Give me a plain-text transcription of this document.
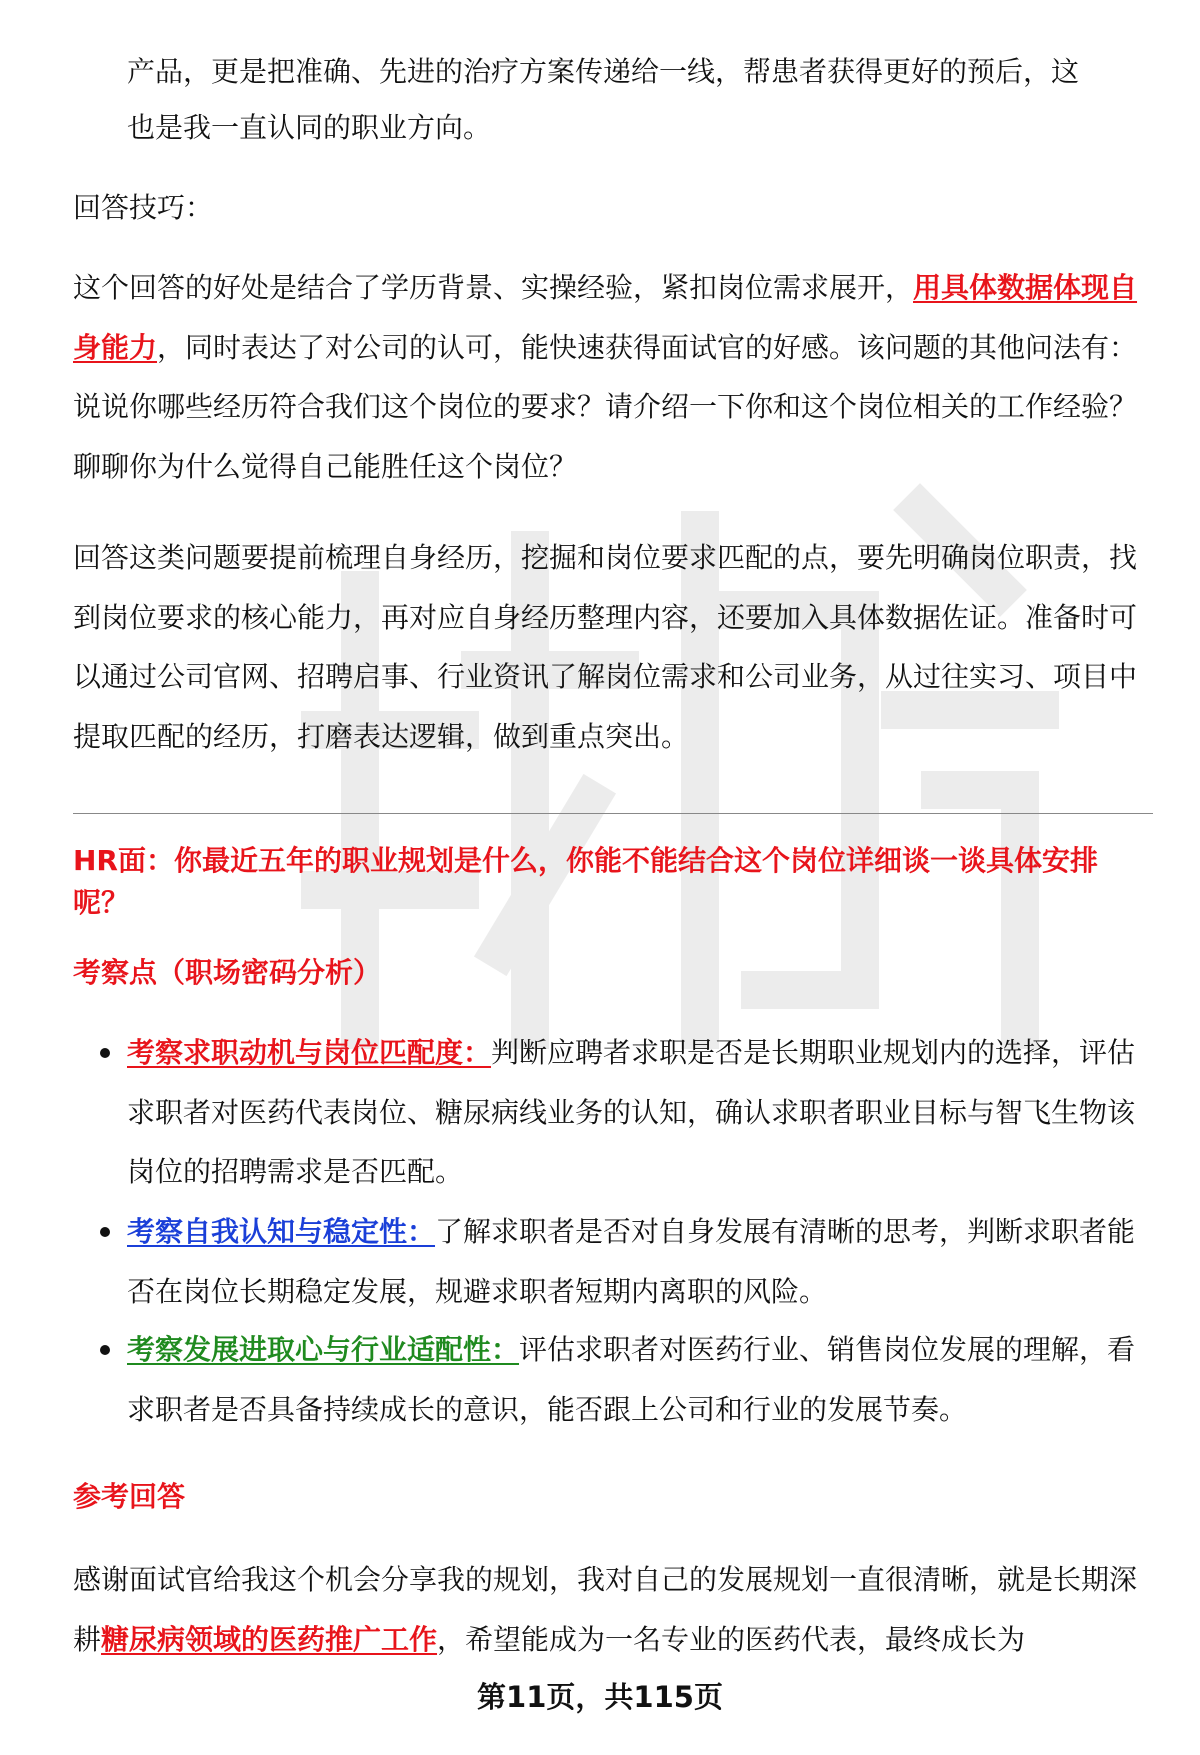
产品，更是把准确、先进的治疗方案传递给一线，帮患者获得更好的预后，这

也是我一直认同的职业方向。

回答技巧：

这个回答的好处是结合了学历背景、实操经验，紧扣岗位需求展开，用具体数据体现自身能力，同时表达了对公司的认可，能快速获得面试官的好感。该问题的其他问法有：说说你哪些经历符合我们这个岗位的要求？请介绍一下你和这个岗位相关的工作经验？聊聊你为什么觉得自己能胜任这个岗位？

回答这类问题要提前梳理自身经历，挖掘和岗位要求匹配的点，要先明确岗位职责，找到岗位要求的核心能力，再对应自身经历整理内容，还要加入具体数据佐证。准备时可以通过公司官网、招聘启事、行业资讯了解岗位需求和公司业务，从过往实习、项目中提取匹配的经历，打磨表达逻辑，做到重点突出。

HR面：你最近五年的职业规划是什么，你能不能结合这个岗位详细谈一谈具体安排呢？

考察点（职场密码分析）

考察求职动机与岗位匹配度：判断应聘者求职是否是长期职业规划内的选择，评估求职者对医药代表岗位、糖尿病线业务的认知，确认求职者职业目标与智飞生物该岗位的招聘需求是否匹配。

考察自我认知与稳定性：了解求职者是否对自身发展有清晰的思考，判断求职者能否在岗位长期稳定发展，规避求职者短期内离职的风险。

考察发展进取心与行业适配性：评估求职者对医药行业、销售岗位发展的理解，看求职者是否具备持续成长的意识，能否跟上公司和行业的发展节奏。

参考回答

感谢面试官给我这个机会分享我的规划，我对自己的发展规划一直很清晰，就是长期深耕糖尿病领域的医药推广工作，希望能成为一名专业的医药代表，最终成长为

第11页，共115页
